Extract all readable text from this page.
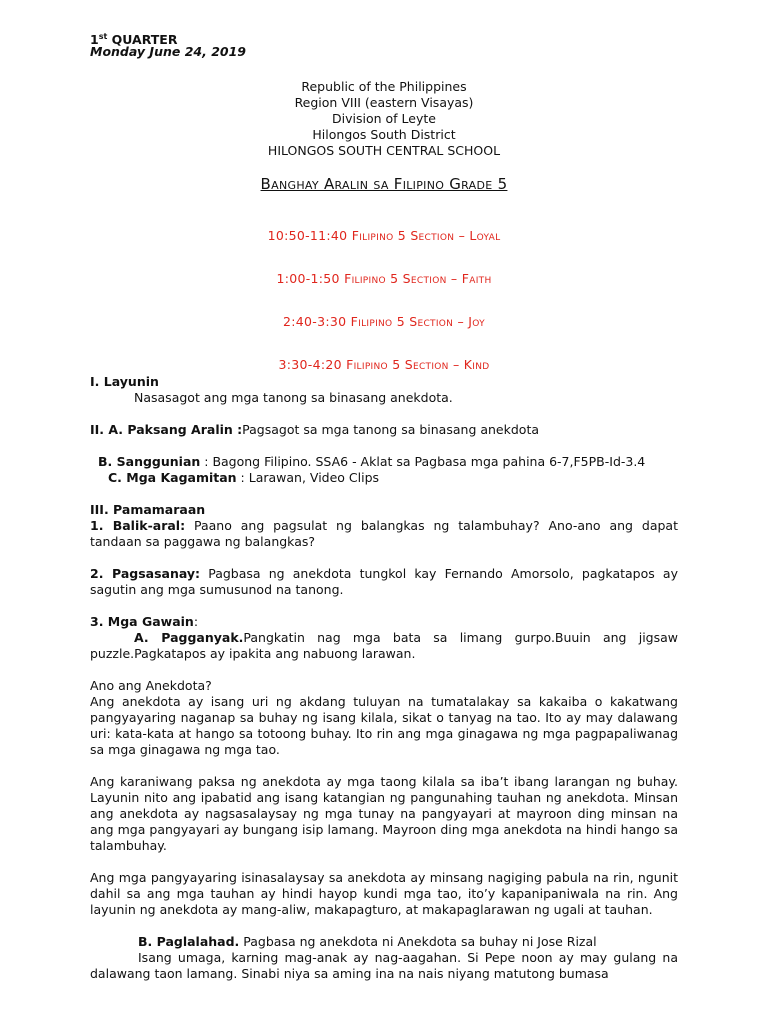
1st QUARTER
Monday June 24, 2019
Republic of the Philippines
Region VIII (eastern Visayas)
Division of Leyte
Hilongos South District
HILONGOS SOUTH CENTRAL SCHOOL
Banghay Aralin sa Filipino Grade 5
10:50-11:40 Filipino 5 Section – Loyal
1:00-1:50 Filipino 5 Section – Faith
2:40-3:30 Filipino 5 Section – Joy
3:30-4:20 Filipino 5 Section – Kind

I. Layunin

Nasasagot ang mga tanong sa binasang anekdota.

II. A. Paksang Aralin :Pagsagot sa mga tanong sa binasang anekdota

B. Sanggunian : Bagong Filipino. SSA6 - Aklat sa Pagbasa mga pahina 6-7,F5PB-Id-3.4

C. Mga Kagamitan : Larawan, Video Clips

III. Pamamaraan

1. Balik-aral: Paano ang pagsulat ng balangkas ng talambuhay? Ano-ano ang dapat tandaan sa paggawa ng balangkas?

2. Pagsasanay: Pagbasa ng anekdota tungkol kay Fernando Amorsolo, pagkatapos ay sagutin ang mga sumusunod na tanong.

3. Mga Gawain:

A. Pagganyak.Pangkatin nag mga bata sa limang gurpo.Buuin ang jigsaw puzzle.Pagkatapos ay ipakita ang nabuong larawan.

Ano ang Anekdota?

Ang anekdota ay isang uri ng akdang tuluyan na tumatalakay sa kakaiba o kakatwang pangyayaring naganap sa buhay ng isang kilala, sikat o tanyag na tao. Ito ay may dalawang uri: kata-kata at hango sa totoong buhay. Ito rin ang mga ginagawa ng mga pagpapaliwanag sa mga ginagawa ng mga tao.

Ang karaniwang paksa ng anekdota ay mga taong kilala sa iba’t ibang larangan ng buhay. Layunin nito ang ipabatid ang isang katangian ng pangunahing tauhan ng anekdota. Minsan ang anekdota ay nagsasalaysay ng mga tunay na pangyayari at mayroon ding minsan na ang mga pangyayari ay bungang isip lamang. Mayroon ding mga anekdota na hindi hango sa talambuhay.

Ang mga pangyayaring isinasalaysay sa anekdota ay minsang nagiging pabula na rin, ngunit dahil sa ang mga tauhan ay hindi hayop kundi mga tao, ito’y kapanipaniwala na rin. Ang layunin ng anekdota ay mang-aliw, makapagturo, at makapaglarawan ng ugali at tauhan.

B. Paglalahad. Pagbasa ng anekdota ni Anekdota sa buhay ni Jose Rizal

Isang umaga, karning mag-anak ay nag-aagahan. Si Pepe noon ay may gulang na dalawang taon lamang. Sinabi niya sa aming ina na nais niyang matutong bumasa
